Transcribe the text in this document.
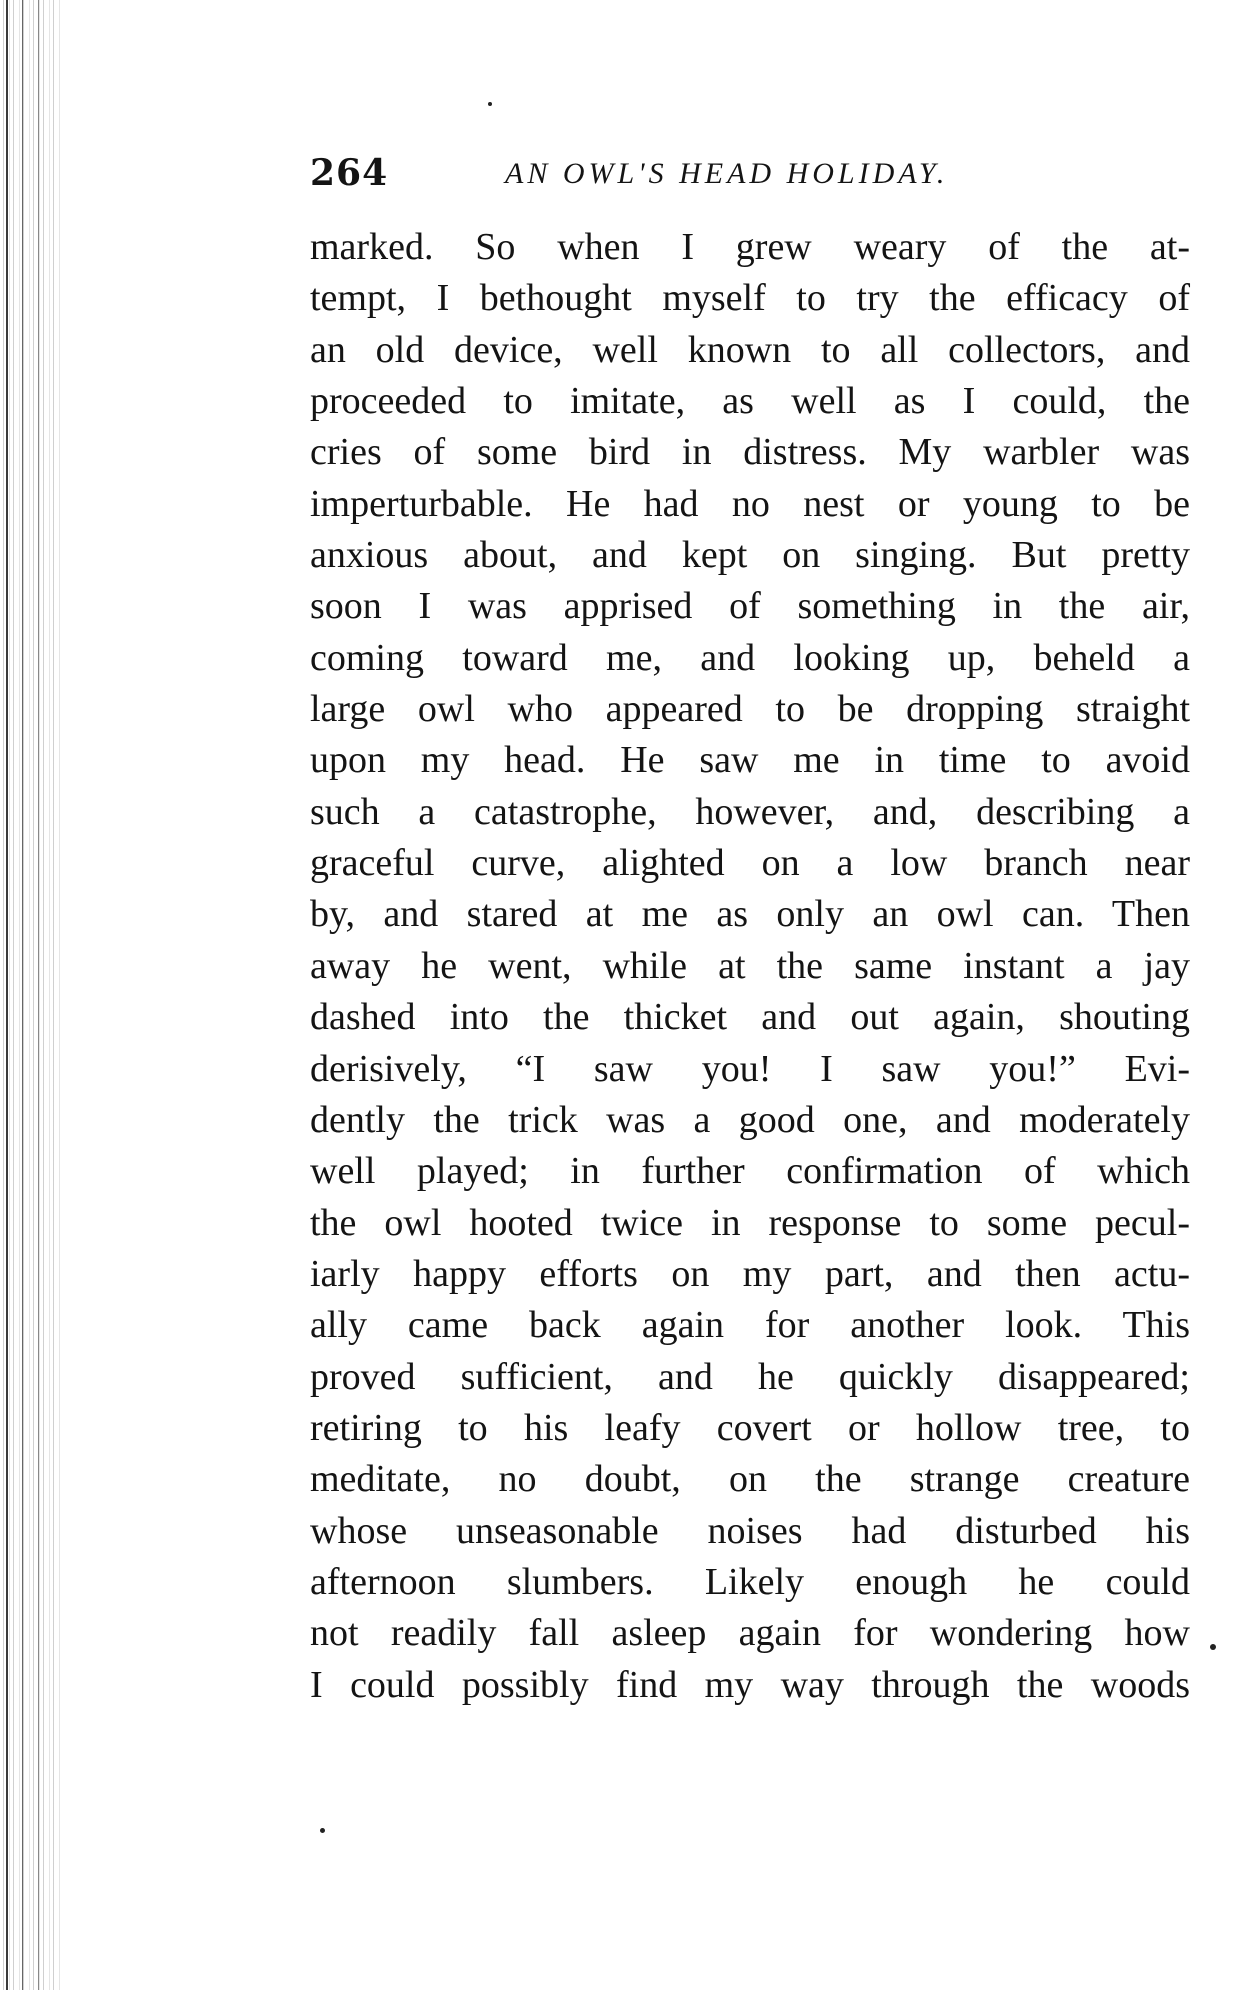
264	AN OWL'S HEAD HOLIDAY.
marked. So when I grew weary of the at-
tempt, I bethought myself to try the efficacy of
an old device, well known to all collectors, and
proceeded to imitate, as well as I could, the
cries of some bird in distress. My warbler was
imperturbable. He had no nest or young to be
anxious about, and kept on singing. But pretty
soon I was apprised of something in the air,
coming toward me, and looking up, beheld a
large owl who appeared to be dropping straight
upon my head. He saw me in time to avoid
such a catastrophe, however, and, describing a
graceful curve, alighted on a low branch near
by, and stared at me as only an owl can. Then
away he went, while at the same instant a jay
dashed into the thicket and out again, shouting
derisively, “I saw you! I saw you!” Evi-
dently the trick was a good one, and moderately
well played; in further confirmation of which
the owl hooted twice in response to some pecul-
iarly happy efforts on my part, and then actu-
ally came back again for another look. This
proved sufficient, and he quickly disappeared;
retiring to his leafy covert or hollow tree, to
meditate, no doubt, on the strange creature
whose unseasonable noises had disturbed his
afternoon slumbers. Likely enough he could
not readily fall asleep again for wondering how
I could possibly find my way through the woods
